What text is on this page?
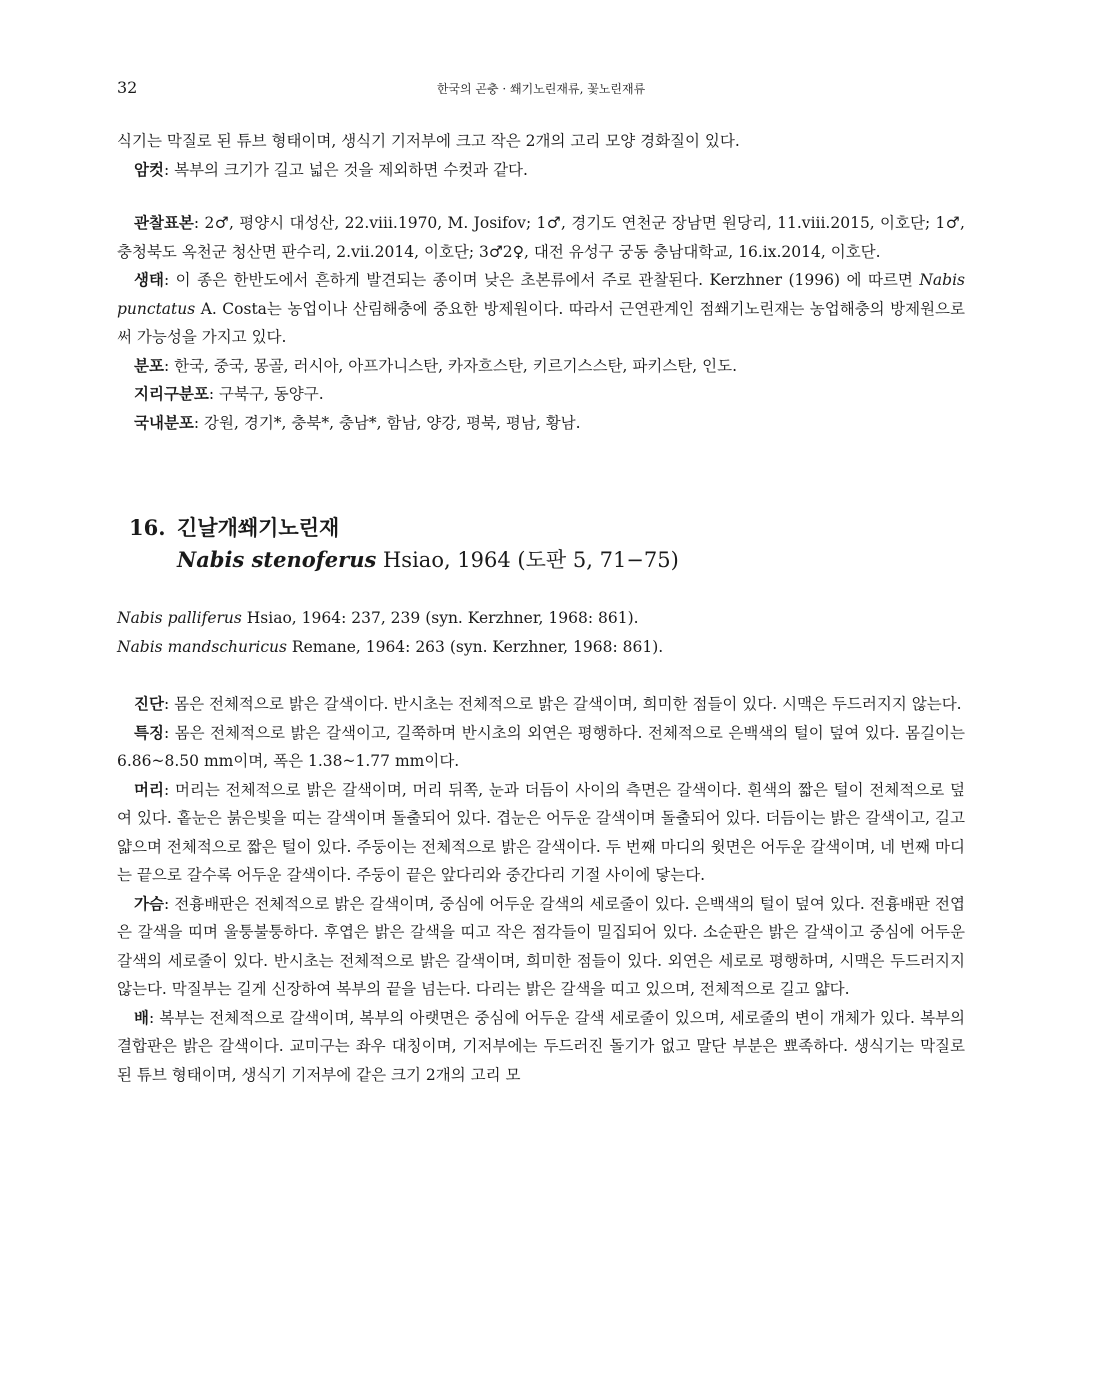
32	한국의 곤충 · 쐐기노린재류, 꽃노린재류

식기는 막질로 된 튜브 형태이며, 생식기 기저부에 크고 작은 2개의 고리 모양 경화질이 있다.

암컷: 복부의 크기가 길고 넓은 것을 제외하면 수컷과 같다.

관찰표본: 2♂, 평양시 대성산, 22.viii.1970, M. Josifov; 1♂, 경기도 연천군 장남면 원당리, 11.viii.2015, 이호단; 1♂, 충청북도 옥천군 청산면 판수리, 2.vii.2014, 이호단; 3♂2♀, 대전 유성구 궁동 충남대학교, 16.ix.2014, 이호단.

생태: 이 종은 한반도에서 흔하게 발견되는 종이며 낮은 초본류에서 주로 관찰된다. Kerzhner (1996) 에 따르면 Nabis punctatus A. Costa는 농업이나 산림해충에 중요한 방제원이다. 따라서 근연관계인 점쐐기노린재는 농업해충의 방제원으로써 가능성을 가지고 있다.

분포: 한국, 중국, 몽골, 러시아, 아프가니스탄, 카자흐스탄, 키르기스스탄, 파키스탄, 인도.

지리구분포: 구북구, 동양구.

국내분포: 강원, 경기*, 충북*, 충남*, 함남, 양강, 평북, 평남, 황남.

16. 긴날개쐐기노린재
Nabis stenoferus Hsiao, 1964 (도판 5, 71−75)

Nabis palliferus Hsiao, 1964: 237, 239 (syn. Kerzhner, 1968: 861).

Nabis mandschuricus Remane, 1964: 263 (syn. Kerzhner, 1968: 861).

진단: 몸은 전체적으로 밝은 갈색이다. 반시초는 전체적으로 밝은 갈색이며, 희미한 점들이 있다. 시맥은 두드러지지 않는다.

특징: 몸은 전체적으로 밝은 갈색이고, 길쭉하며 반시초의 외연은 평행하다. 전체적으로 은백색의 털이 덮여 있다. 몸길이는 6.86~8.50 mm이며, 폭은 1.38~1.77 mm이다.

머리: 머리는 전체적으로 밝은 갈색이며, 머리 뒤쪽, 눈과 더듬이 사이의 측면은 갈색이다. 흰색의 짧은 털이 전체적으로 덮여 있다. 홑눈은 붉은빛을 띠는 갈색이며 돌출되어 있다. 겹눈은 어두운 갈색이며 돌출되어 있다. 더듬이는 밝은 갈색이고, 길고 얇으며 전체적으로 짧은 털이 있다. 주둥이는 전체적으로 밝은 갈색이다. 두 번째 마디의 윗면은 어두운 갈색이며, 네 번째 마디는 끝으로 갈수록 어두운 갈색이다. 주둥이 끝은 앞다리와 중간다리 기절 사이에 닿는다.

가슴: 전흉배판은 전체적으로 밝은 갈색이며, 중심에 어두운 갈색의 세로줄이 있다. 은백색의 털이 덮여 있다. 전흉배판 전엽은 갈색을 띠며 울퉁불퉁하다. 후엽은 밝은 갈색을 띠고 작은 점각들이 밀집되어 있다. 소순판은 밝은 갈색이고 중심에 어두운 갈색의 세로줄이 있다. 반시초는 전체적으로 밝은 갈색이며, 희미한 점들이 있다. 외연은 세로로 평행하며, 시맥은 두드러지지 않는다. 막질부는 길게 신장하여 복부의 끝을 넘는다. 다리는 밝은 갈색을 띠고 있으며, 전체적으로 길고 얇다.

배: 복부는 전체적으로 갈색이며, 복부의 아랫면은 중심에 어두운 갈색 세로줄이 있으며, 세로줄의 변이 개체가 있다. 복부의 결합판은 밝은 갈색이다. 교미구는 좌우 대칭이며, 기저부에는 두드러진 돌기가 없고 말단 부분은 뾰족하다. 생식기는 막질로 된 튜브 형태이며, 생식기 기저부에 같은 크기 2개의 고리 모
